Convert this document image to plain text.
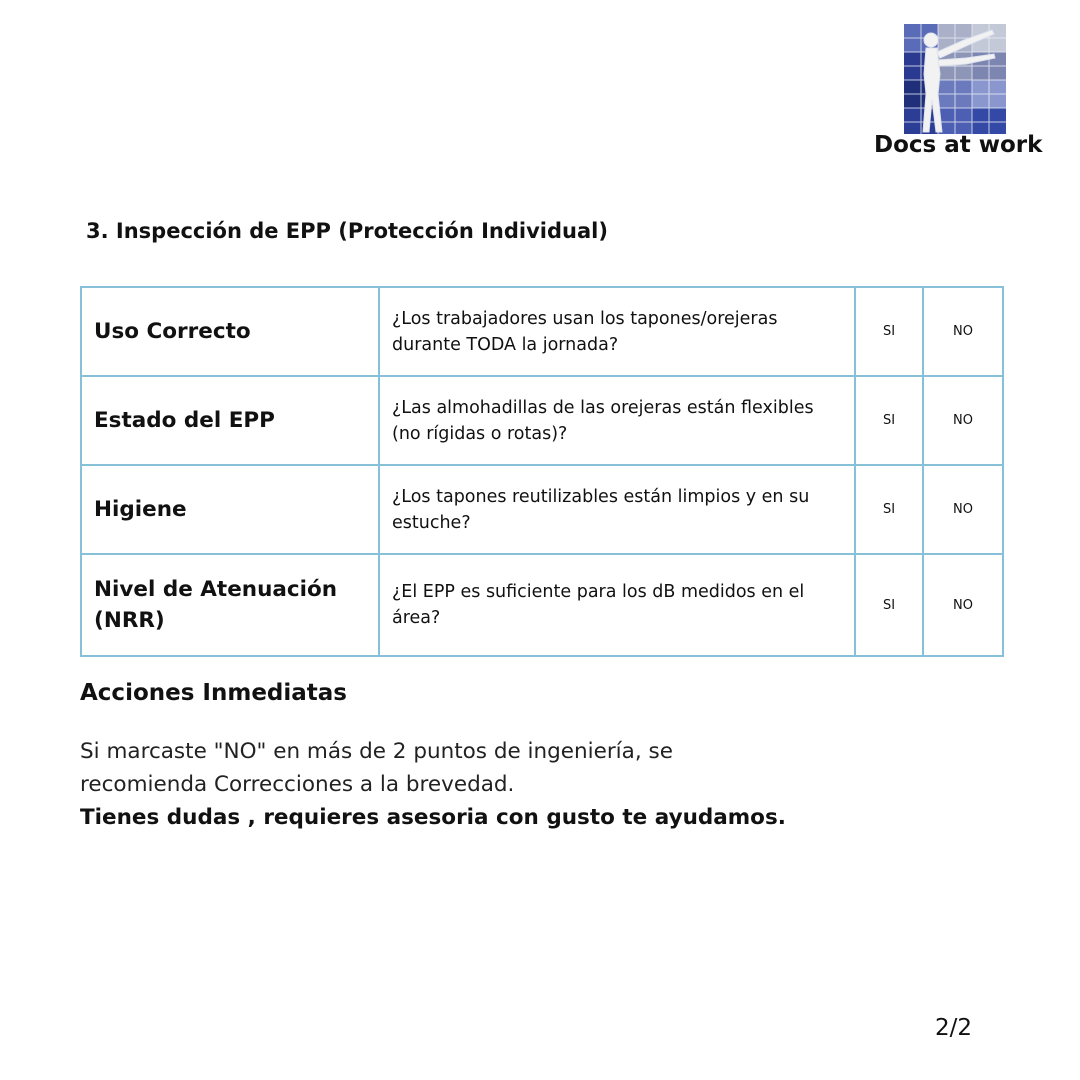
Docs at work
3. Inspección de EPP (Protección Individual)
Uso Correcto	¿Los trabajadores usan los tapones/orejeras durante TODA la jornada?	SI	NO
Estado del EPP	¿Las almohadillas de las orejeras están flexibles (no rígidas o rotas)?	SI	NO
Higiene	¿Los tapones reutilizables están limpios y en su estuche?	SI	NO
Nivel de Atenuación (NRR)	¿El EPP es suficiente para los dB medidos en el área?	SI	NO
Acciones Inmediatas
Si marcaste "NO" en más de 2 puntos de ingeniería, se
recomienda Correcciones a la brevedad.
Tienes dudas , requieres asesoria con gusto te ayudamos.
2/2
